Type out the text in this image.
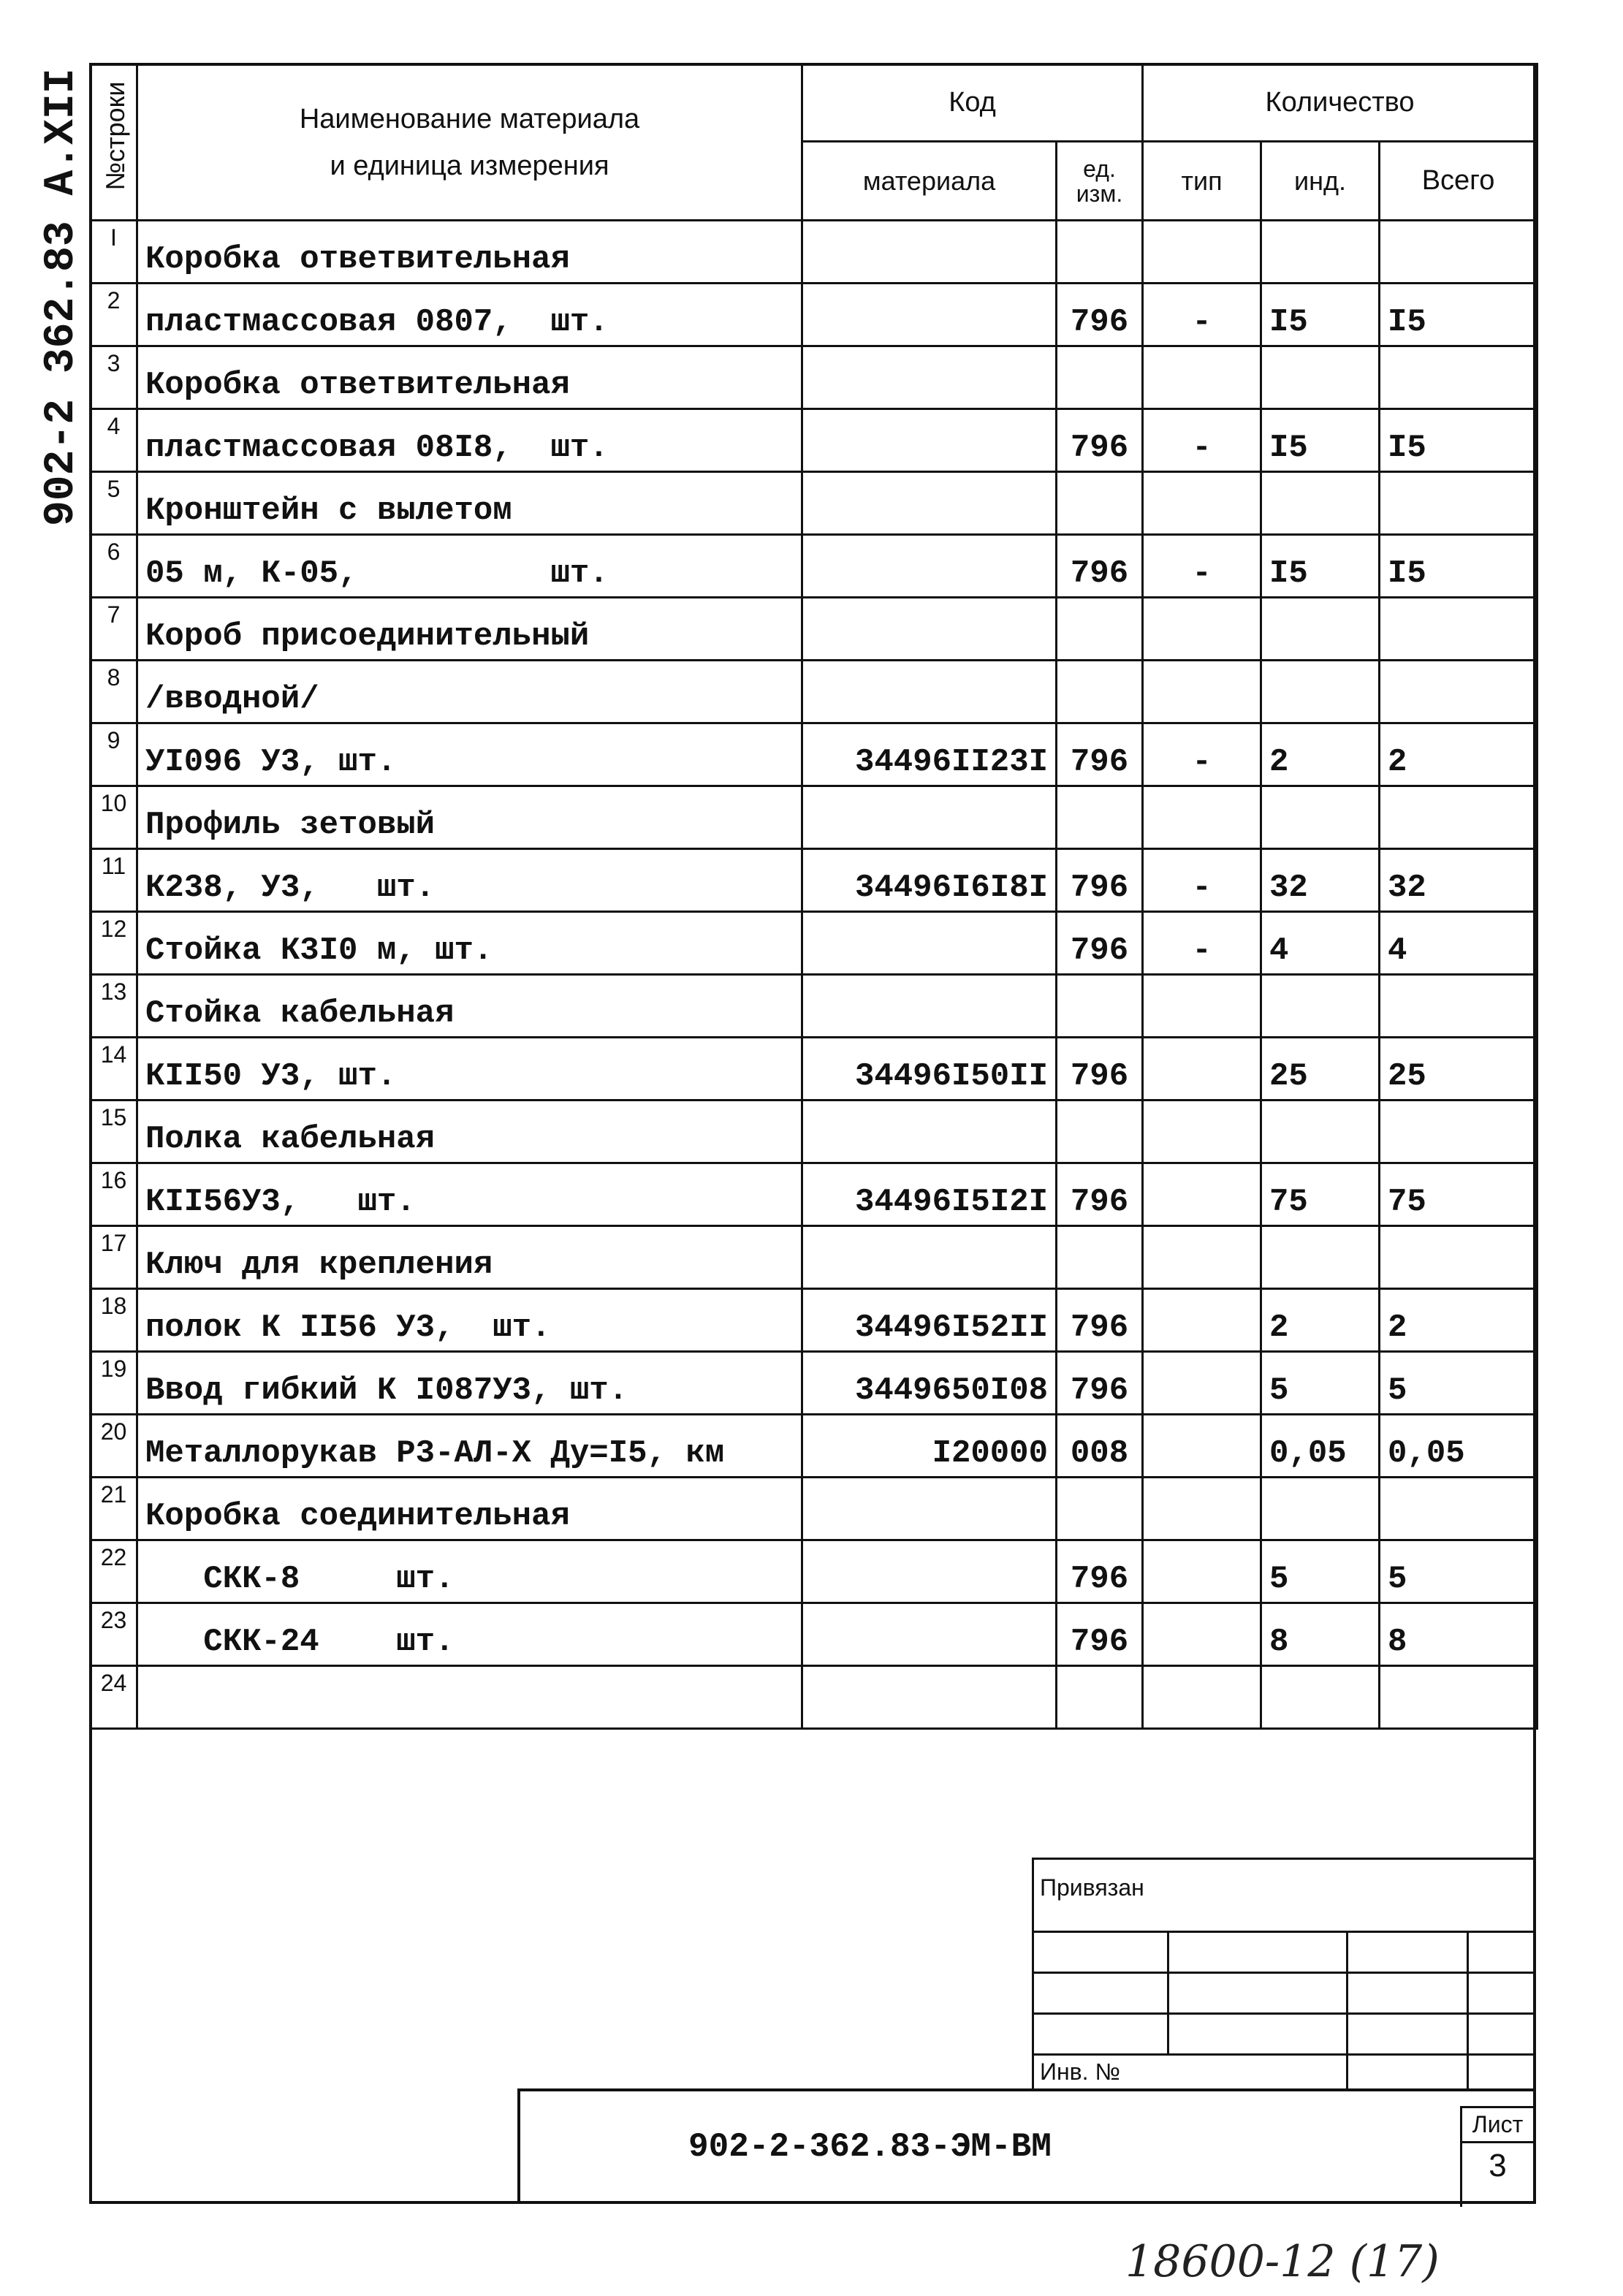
902-2 362.83 A.XII

	Наименование материала
и единица измерения	Код		Количество		
		материала	ед. изм.	тип	инд.	Всего
I	Коробка ответвительная					
2	пластмассовая 0807,  шт.		796	-	I5	I5
3	Коробка ответвительная					
4	пластмассовая 08I8,  шт.		796	-	I5	I5
5	Кронштейн с вылетом					
6	05 м, К-05,          шт.		796	-	I5	I5
7	Короб присоединительный					
8	/вводной/					
9	УI096 У3, шт.	34496II23I	796	-	2	2
10	Профиль зетовый					
11	К238, У3,   шт.	34496I6I8I	796	-	32	32
12	Стойка К3I0 м, шт.		796	-	4	4
13	Стойка кабельная					
14	КII50 У3, шт.	34496I50II	796		25	25
15	Полка кабельная					
16	КII56У3,   шт.	34496I5I2I	796		75	75
17	Ключ для крепления					
18	полок К II56 У3,  шт.	34496I52II	796		2	2
19	Ввод гибкий К I087У3, шт.	3449650I08	796		5	5
20	Металлорукав Р3-АЛ-Х Ду=I5, км	I20000	008		0,05	0,05
21	Коробка соединительная					
22	СКК-8     шт.		796		5	5
23	СКК-24    шт.		796		8	8
24						
№строки
Привязан			

Инв. №			
902-2-362.83-ЭМ-ВМ
Лист
3
18600-12 (17)
